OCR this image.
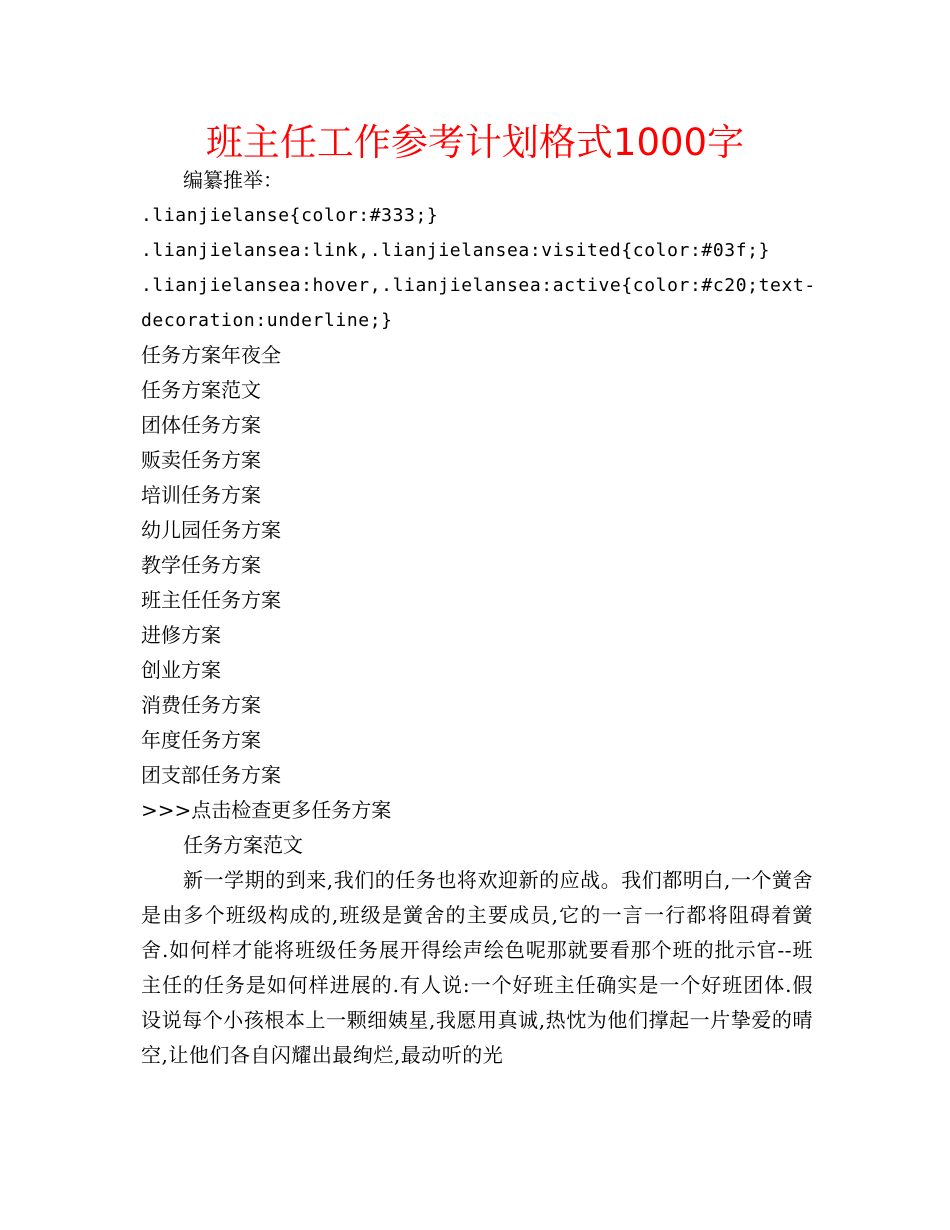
班主任工作参考计划格式1000字
编纂推举：
.lianjielanse{color:#333;}
.lianjielansea:link,.lianjielansea:visited{color:#03f;}
.lianjielansea:hover,.lianjielansea:active{color:#c20;text-
decoration:underline;}
任务方案年夜全
任务方案范文
团体任务方案
贩卖任务方案
培训任务方案
幼儿园任务方案
教学任务方案
班主任任务方案
进修方案
创业方案
消费任务方案
年度任务方案
团支部任务方案
>>>点击检查更多任务方案
任务方案范文

新一学期的到来,我们的任务也将欢迎新的应战。我们都明白,一个黉舍是由多个班级构成的,班级是黉舍的主要成员,它的一言一行都将阻碍着黉舍.如何样才能将班级任务展开得绘声绘色呢那就要看那个班的批示官--班主任的任务是如何样进展的.有人说:一个好班主任确实是一个好班团体.假设说每个小孩根本上一颗细姨星,我愿用真诚,热忱为他们撑起一片挚爱的晴空,让他们各自闪耀出最绚烂,最动听的光
